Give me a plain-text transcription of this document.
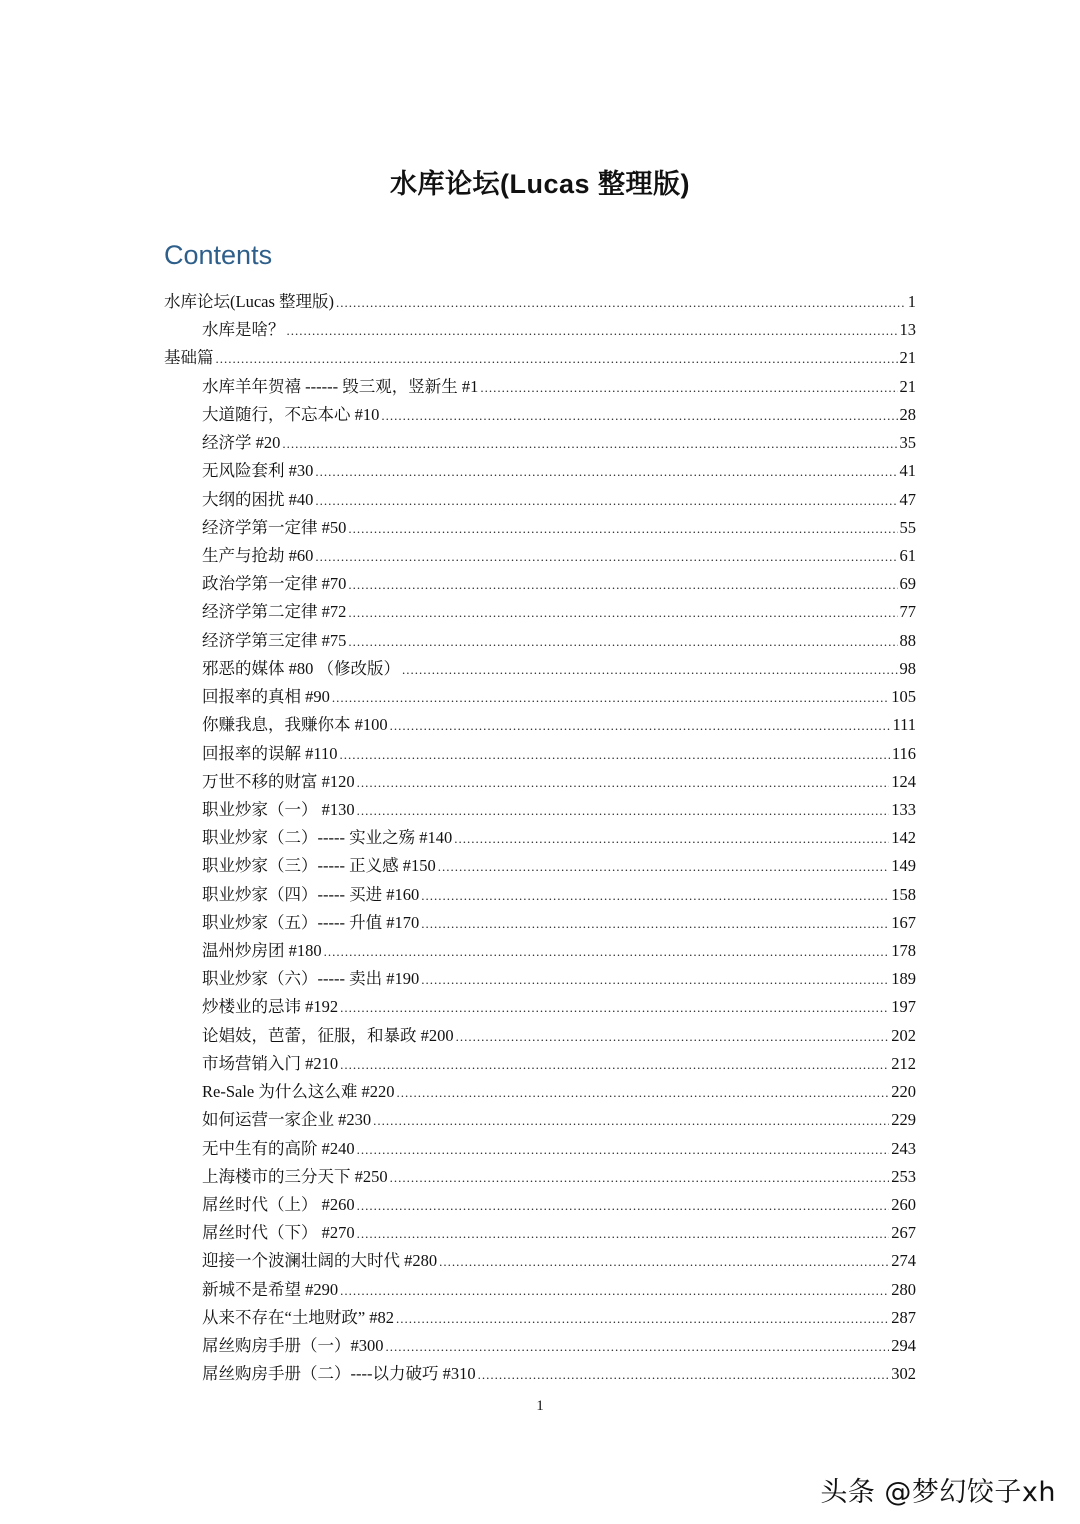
水库论坛(Lucas 整理版)
Contents
水库论坛(Lucas 整理版) .....	1
水库是啥？ .....	13
基础篇 .....	21
水库羊年贺禧 ------ 毁三观，竖新生 #1 .....	21
大道随行，不忘本心 #10 .....	28
经济学 #20 .....	35
无风险套利 #30 .....	41
大纲的困扰 #40 .....	47
经济学第一定律 #50 .....	55
生产与抢劫 #60 .....	61
政治学第一定律 #70 .....	69
经济学第二定律 #72 .....	77
经济学第三定律 #75 .....	88
邪恶的媒体 #80 （修改版） .....	98
回报率的真相 #90 .....	105
你赚我息，我赚你本 #100 .....	111
回报率的误解 #110 .....	116
万世不移的财富 #120 .....	124
职业炒家（一） #130 .....	133
职业炒家（二）----- 实业之殇 #140 .....	142
职业炒家（三）----- 正义感 #150 .....	149
职业炒家（四）----- 买进 #160 .....	158
职业炒家（五）----- 升值 #170 .....	167
温州炒房团 #180 .....	178
职业炒家（六）----- 卖出 #190 .....	189
炒楼业的忌讳 #192 .....	197
论娼妓，芭蕾，征服，和暴政 #200 .....	202
市场营销入门 #210 .....	212
Re-Sale 为什么这么难 #220 .....	220
如何运营一家企业 #230 .....	229
无中生有的高阶 #240 .....	243
上海楼市的三分天下 #250 .....	253
屌丝时代（上） #260 .....	260
屌丝时代（下） #270 .....	267
迎接一个波澜壮阔的大时代 #280 .....	274
新城不是希望 #290 .....	280
从来不存在“土地财政” #82 .....	287
屌丝购房手册（一）#300 .....	294
屌丝购房手册（二）----以力破巧 #310 .....	302
1
头条 @梦幻饺子xh
